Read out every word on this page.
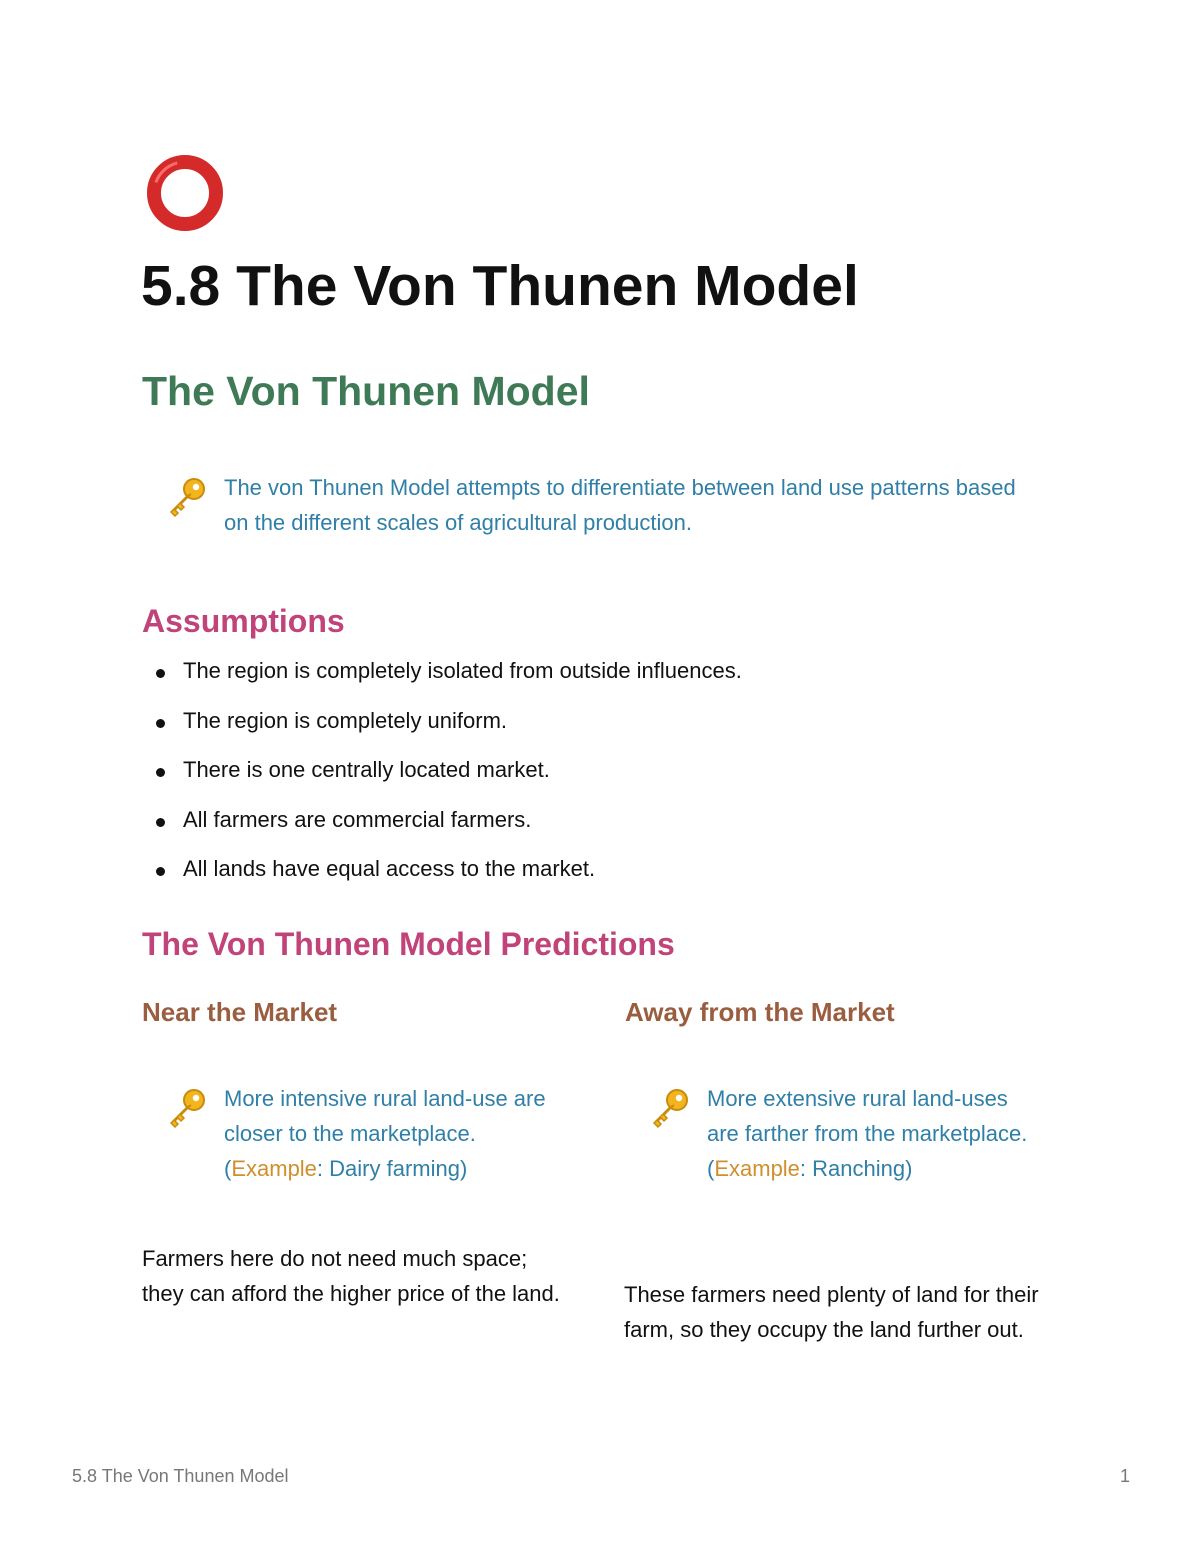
5.8 The Von Thunen Model
The Von Thunen Model

The von Thunen Model attempts to differentiate between land use patterns based on the different scales of agricultural production.

Assumptions
The region is completely isolated from outside influences.
The region is completely uniform.
There is one centrally located market.
All farmers are commercial farmers.
All lands have equal access to the market.
The Von Thunen Model Predictions
Near the Market

More intensive rural land-use are closer to the marketplace. (Example: Dairy farming)

Farmers here do not need much space; they can afford the higher price of the land.

Away from the Market

More extensive rural land-uses are farther from the marketplace. (Example: Ranching)

These farmers need plenty of land for their farm, so they occupy the land further out.

5.8 The Von Thunen Model	1
